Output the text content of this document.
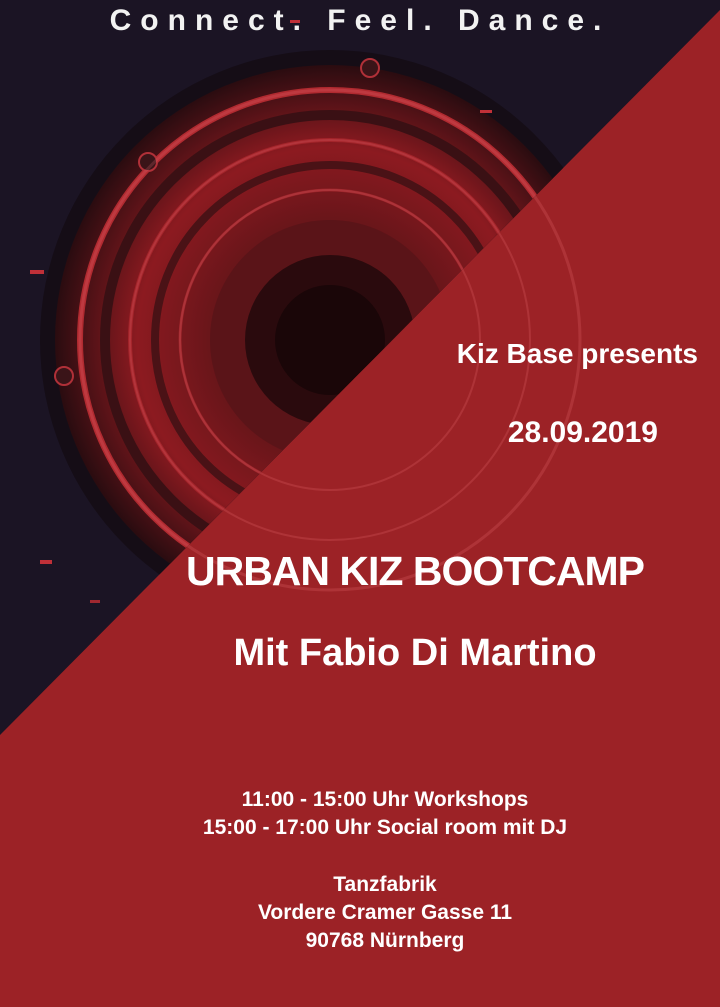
Connect. Feel. Dance.
Kiz Base presents
28.09.2019
URBAN KIZ BOOTCAMP
Mit Fabio Di Martino
11:00 - 15:00 Uhr Workshops
15:00 - 17:00 Uhr Social room mit DJ
Tanzfabrik
Vordere Cramer Gasse 11
90768 Nürnberg
